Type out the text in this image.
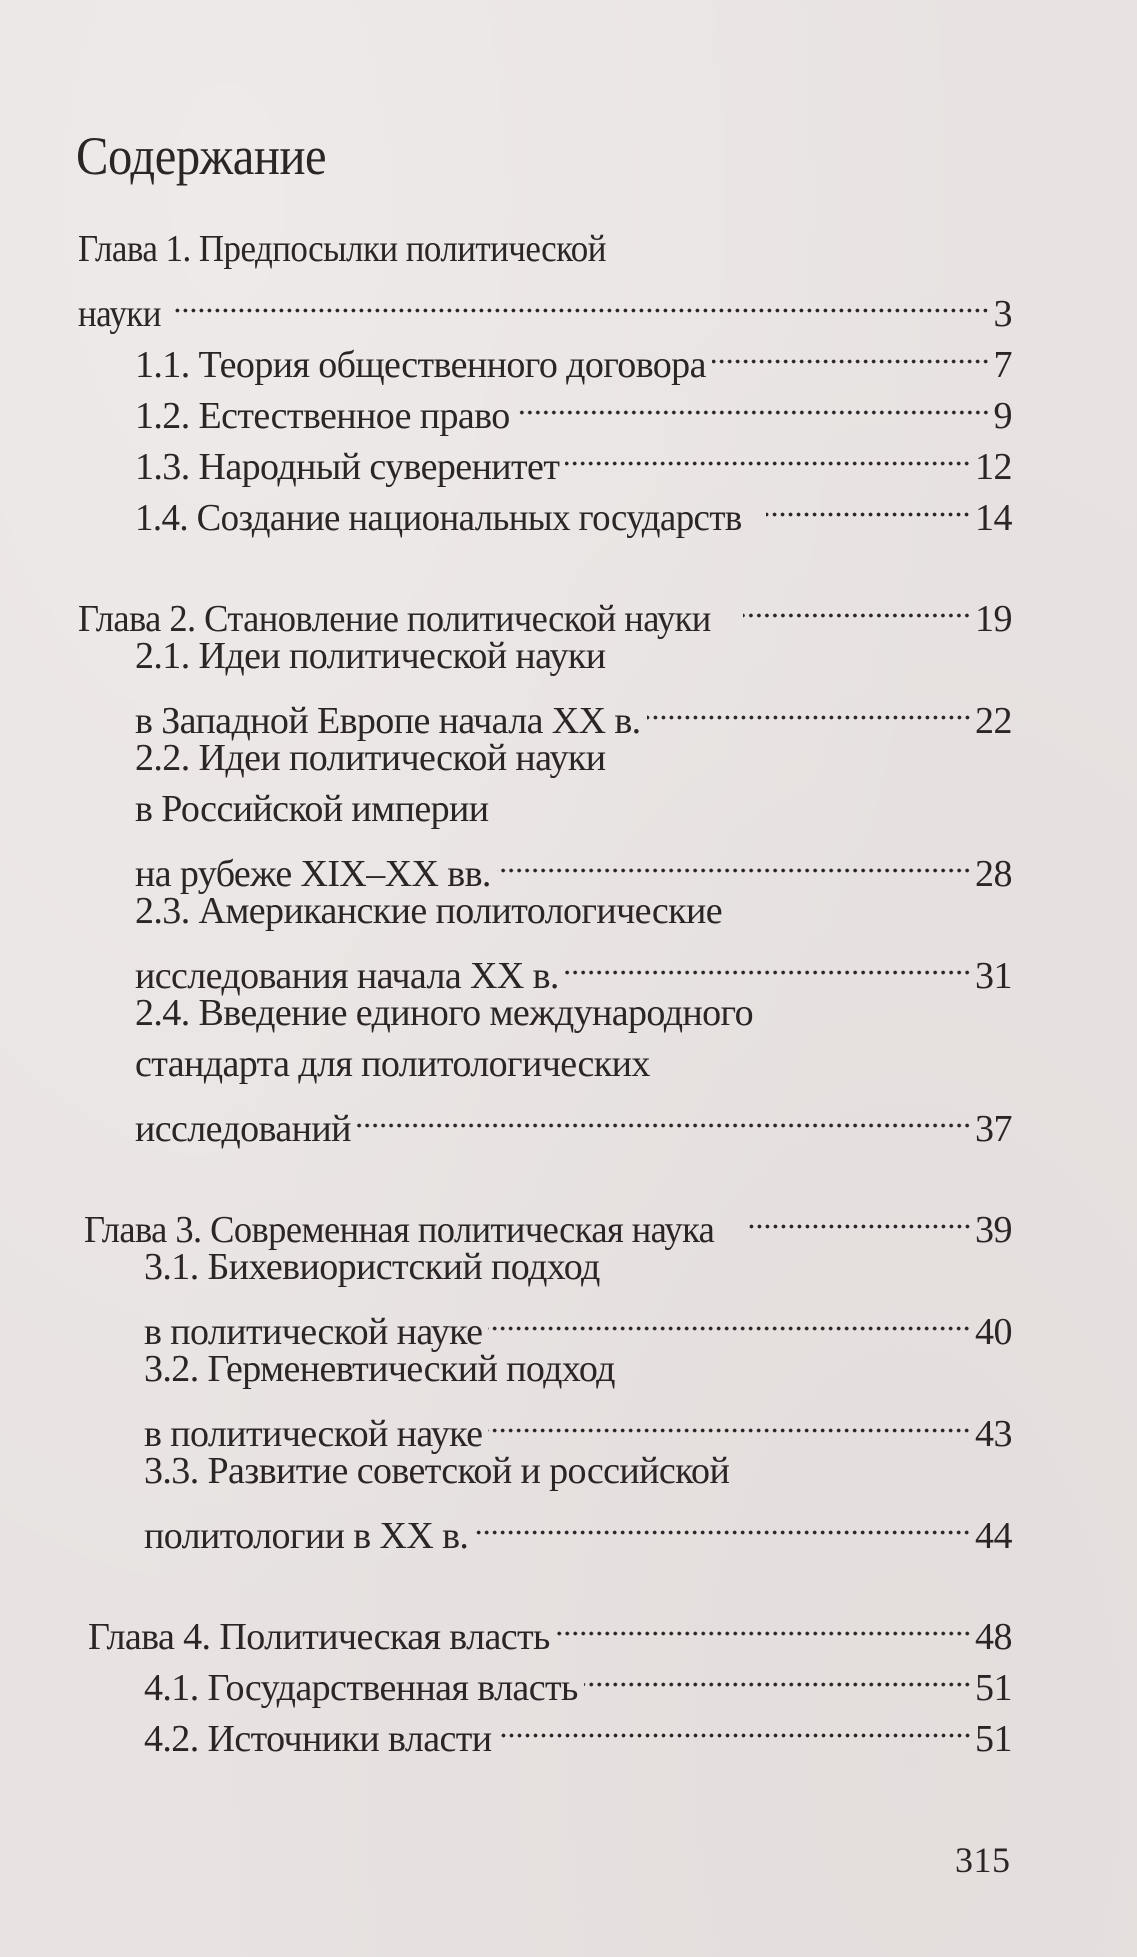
Содержание
Глава 1. Предпосылки политической
науки	3
1.1. Теория общественного договора	7
1.2. Естественное право	9
1.3. Народный суверенитет	12
1.4. Создание национальных государств	14
Глава 2. Становление политической науки	19
2.1. Идеи политической науки
в Западной Европе начала XX в.	22
2.2. Идеи политической науки
в Российской империи
на рубеже XIX–XX вв.	28
2.3. Американские политологические
исследования начала XX в.	31
2.4. Введение единого международного
стандарта для политологических
исследований	37
Глава 3. Современная политическая наука	39
3.1. Бихевиористский подход
в политической науке	40
3.2. Герменевтический подход
в политической науке	43
3.3. Развитие советской и российской
политологии в XX в.	44
Глава 4. Политическая власть	48
4.1. Государственная власть	51
4.2. Источники власти	51
315
